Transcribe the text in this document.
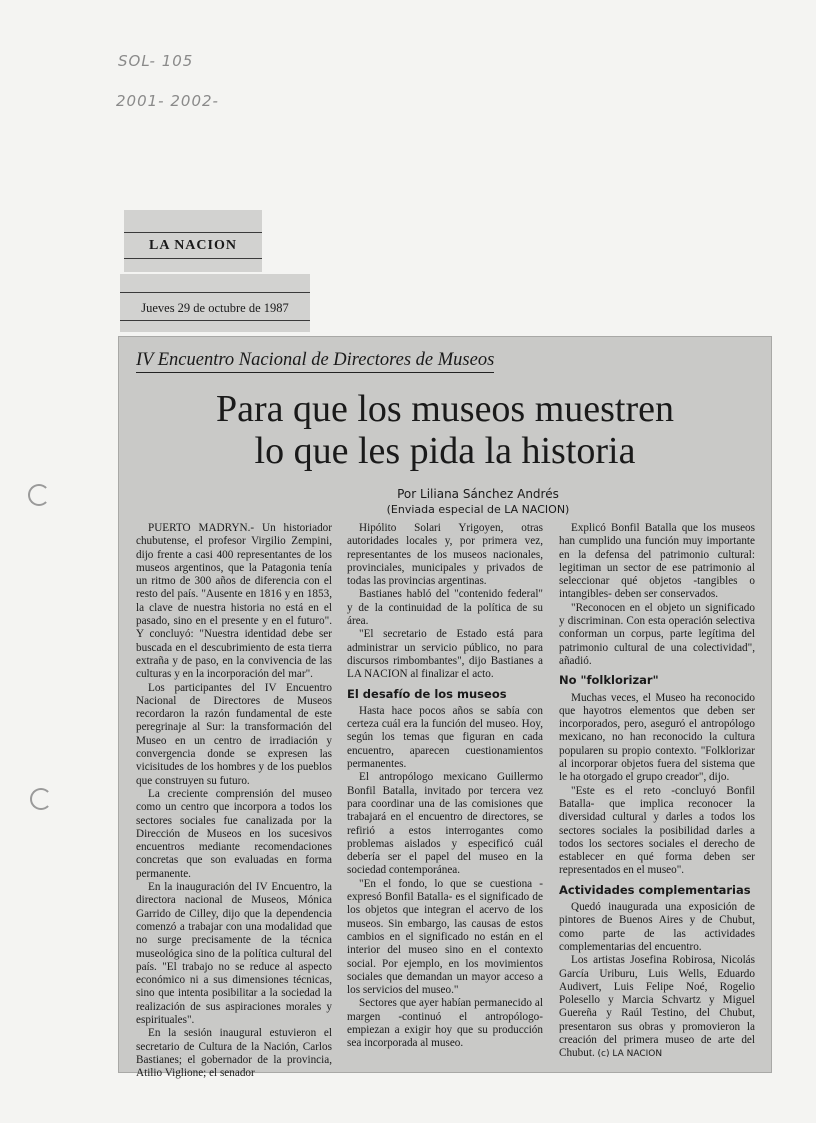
SOL- 105
2001- 2002-
LA NACION
Jueves 29 de octubre de 1987
IV Encuentro Nacional de Directores de Museos
Para que los museos muestren
lo que les pida la historia
Por Liliana Sánchez Andrés
(Enviada especial de LA NACION)

PUERTO MADRYN.- Un historiador chubutense, el profesor Virgilio Zempini, dijo frente a casi 400 representantes de los museos argentinos, que la Patagonia tenía un ritmo de 300 años de diferencia con el resto del país. "Ausente en 1816 y en 1853, la clave de nuestra historia no está en el pasado, sino en el presente y en el futuro". Y concluyó: "Nuestra identidad debe ser buscada en el descubrimiento de esta tierra extraña y de paso, en la convivencia de las culturas y en la incorporación del mar".

Los participantes del IV Encuentro Nacional de Directores de Museos recordaron la razón fundamental de este peregrinaje al Sur: la transformación del Museo en un centro de irradiación y convergencia donde se expresen las vicisitudes de los hombres y de los pueblos que construyen su futuro.

La creciente comprensión del museo como un centro que incorpora a todos los sectores sociales fue canalizada por la Dirección de Museos en los sucesivos encuentros mediante recomendaciones concretas que son evaluadas en forma permanente.

En la inauguración del IV Encuentro, la directora nacional de Museos, Mónica Garrido de Cilley, dijo que la dependencia comenzó a trabajar con una modalidad que no surge precisamente de la técnica museológica sino de la política cultural del país. "El trabajo no se reduce al aspecto económico ni a sus dimensiones técnicas, sino que intenta posibilitar a la sociedad la realización de sus aspiraciones morales y espirituales".

En la sesión inaugural estuvieron el secretario de Cultura de la Nación, Carlos Bastianes; el gobernador de la provincia, Atilio Viglione; el senador

Hipólito Solari Yrigoyen, otras autoridades locales y, por primera vez, representantes de los museos nacionales, provinciales, municipales y privados de todas las provincias argentinas.

Bastianes habló del "contenido federal" y de la continuidad de la política de su área.

"El secretario de Estado está para administrar un servicio público, no para discursos rimbombantes", dijo Bastianes a LA NACION al finalizar el acto.

El desafío de los museos

Hasta hace pocos años se sabía con certeza cuál era la función del museo. Hoy, según los temas que figuran en cada encuentro, aparecen cuestionamientos permanentes.

El antropólogo mexicano Guillermo Bonfil Batalla, invitado por tercera vez para coordinar una de las comisiones que trabajará en el encuentro de directores, se refirió a estos interrogantes como problemas aislados y especificó cuál debería ser el papel del museo en la sociedad contemporánea.

"En el fondo, lo que se cuestiona -expresó Bonfil Batalla- es el significado de los objetos que integran el acervo de los museos. Sin embargo, las causas de estos cambios en el significado no están en el interior del museo sino en el contexto social. Por ejemplo, en los movimientos sociales que demandan un mayor acceso a los servicios del museo."

Sectores que ayer habían permanecido al margen -continuó el antropólogo- empiezan a exigir hoy que su producción sea incorporada al museo.

Explicó Bonfil Batalla que los museos han cumplido una función muy importante en la defensa del patrimonio cultural: legitiman un sector de ese patrimonio al seleccionar qué objetos -tangibles o intangibles- deben ser conservados.

"Reconocen en el objeto un significado y discriminan. Con esta operación selectiva conforman un corpus, parte legítima del patrimonio cultural de una colectividad", añadió.

No "folklorizar"

Muchas veces, el Museo ha reconocido que hayotros elementos que deben ser incorporados, pero, aseguró el antropólogo mexicano, no han reconocido la cultura popularen su propio contexto. "Folklorizar al incorporar objetos fuera del sistema que le ha otorgado el grupo creador", dijo.

"Este es el reto -concluyó Bonfil Batalla- que implica reconocer la diversidad cultural y darles a todos los sectores sociales la posibilidad darles a todos los sectores sociales el derecho de establecer en qué forma deben ser representados en el museo".

Actividades complementarias

Quedó inaugurada una exposición de pintores de Buenos Aires y de Chubut, como parte de las actividades complementarias del encuentro.

Los artistas Josefina Robirosa, Nicolás García Uriburu, Luis Wells, Eduardo Audivert, Luis Felipe Noé, Rogelio Polesello y Marcia Schvartz y Miguel Guereña y Raúl Testino, del Chubut, presentaron sus obras y promovieron la creación del primera museo de arte del Chubut. (c) LA NACION
